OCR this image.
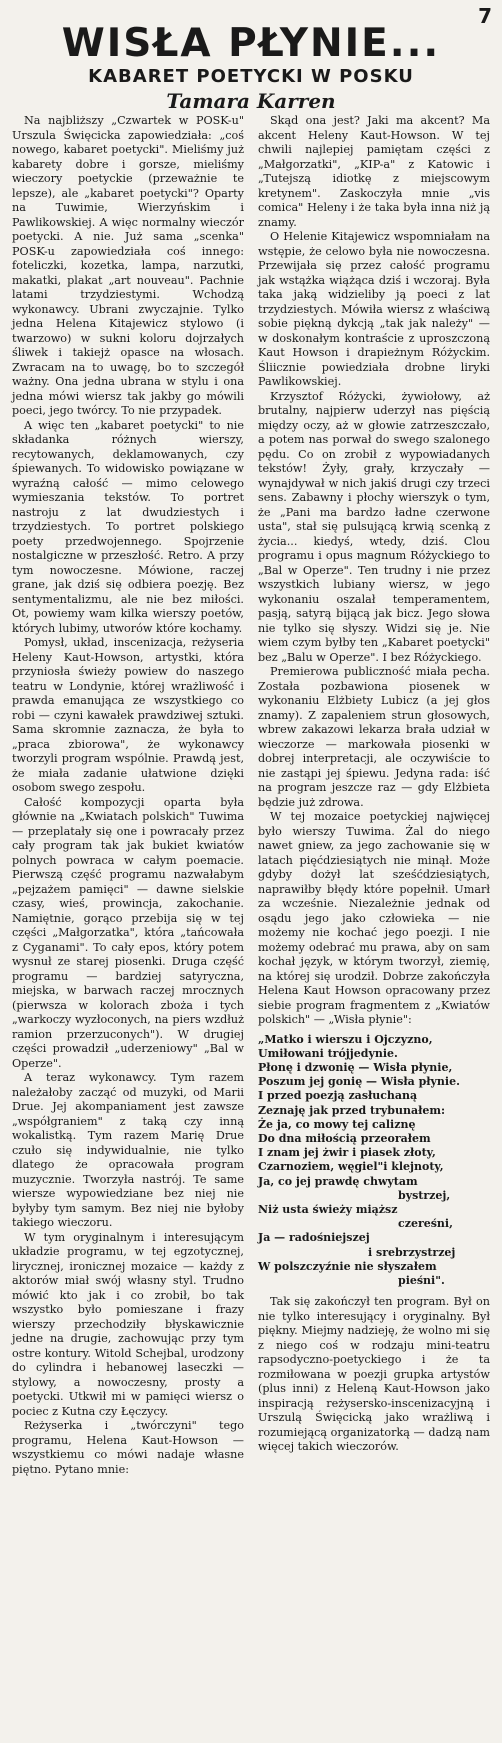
7
WISŁA PŁYNIE...
KABARET POETYCKI W POSKU
Tamara Karren

Na najbliższy „Czwartek w POSK-u" Urszula Święcicka zapowiedziała: „coś nowego, kabaret poetycki". Mieliśmy już kabarety dobre i gorsze, mieliśmy wieczory poetyckie (przeważnie te lepsze), ale „kabaret poetycki"? Oparty na Tuwimie, Wierzyńskim i Pawlikowskiej. A więc normalny wieczór poetycki. A nie. Już sama „scenka" POSK-u zapowiedziała coś innego: foteliczki, kozetka, lampa, narzutki, makatki, plakat „art nouveau". Pachnie latami trzydziestymi. Wchodzą wykonawcy. Ubrani zwyczajnie. Tylko jedna Helena Kitajewicz stylowo (i twarzowo) w sukni koloru dojrzałych śliwek i takiejż opasce na włosach. Zwracam na to uwagę, bo to szczegół ważny. Ona jedna ubrana w stylu i ona jedna mówi wiersz tak jakby go mówili poeci, jego twórcy. To nie przypadek.

A więc ten „kabaret poetycki" to nie składanka różnych wierszy, recytowanych, deklamowanych, czy śpiewanych. To widowisko powiązane w wyraźną całość — mimo celowego wymieszania tekstów. To portret nastroju z lat dwudziestych i trzydziestych. To portret polskiego poety przedwojennego. Spojrzenie nostalgiczne w przeszłość. Retro. A przy tym nowoczesne. Mówione, raczej grane, jak dziś się odbiera poezję. Bez sentymentalizmu, ale nie bez miłości. Ot, powiemy wam kilka wierszy poetów, których lubimy, utworów które kochamy.

Pomysł, układ, inscenizacja, reżyseria Heleny Kaut-Howson, artystki, która przyniosła świeży powiew do naszego teatru w Londynie, której wrażliwość i prawda emanująca ze wszystkiego co robi — czyni kawałek prawdziwej sztuki. Sama skromnie zaznacza, że była to „praca zbiorowa", że wykonawcy tworzyli program wspólnie. Prawdą jest, że miała zadanie ułatwione dzięki osobom swego zespołu.

Całość kompozycji oparta była głównie na „Kwiatach polskich" Tuwima — przeplatały się one i powracały przez cały program tak jak bukiet kwiatów polnych powraca w całym poemacie. Pierwszą część programu nazwałabym „pejzażem pamięci" — dawne sielskie czasy, wieś, prowincja, zakochanie. Namiętnie, gorąco przebija się w tej części „Małgorzatka", która „tańcowała z Cyganami". To cały epos, który potem wysnuł ze starej piosenki. Druga część programu — bardziej satyryczna, miejska, w barwach raczej mrocznych (pierwsza w kolorach zboża i tych „warkoczy wyzłoconych, na piers wzdłuż ramion przerzuconych"). W drugiej części prowadził „uderzeniowy" „Bal w Operze".

A teraz wykonawcy. Tym razem należałoby zacząć od muzyki, od Marii Drue. Jej akompaniament jest zawsze „współgraniem" z taką czy inną wokalistką. Tym razem Marię Drue czuło się indywidualnie, nie tylko dlatego że opracowała program muzycznie. Tworzyła nastrój. Te same wiersze wypowiedziane bez niej nie byłyby tym samym. Bez niej nie byłoby takiego wieczoru.

W tym oryginalnym i interesującym układzie programu, w tej egzotycznej, lirycznej, ironicznej mozaice — każdy z aktorów miał swój własny styl. Trudno mówić kto jak i co zrobił, bo tak wszystko było pomieszane i frazy wierszy przechodziły błyskawicznie jedne na drugie, zachowując przy tym ostre kontury. Witold Schejbal, urodzony do cylindra i hebanowej laseczki — stylowy, a nowoczesny, prosty a poetycki. Utkwił mi w pamięci wiersz o pociec z Kutna czy Łęczycy.

Reżyserka i „twórczyni" tego programu, Helena Kaut-Howson — wszystkiemu co mówi nadaje własne piętno. Pytano mnie:

Skąd ona jest? Jaki ma akcent? Ma akcent Heleny Kaut-Howson. W tej chwili najlepiej pamiętam części z „Małgorzatki", „KIP-a" z Katowic i „Tutejszą idiotkę z miejscowym kretynem". Zaskoczyła mnie „vis comica" Heleny i że taka była inna niż ją znamy.

O Helenie Kitajewicz wspomniałam na wstępie, że celowo była nie nowoczesna. Przewijała się przez całość programu jak wstążka wiążąca dziś i wczoraj. Była taka jaką widzieliby ją poeci z lat trzydziestych. Mówiła wiersz z właściwą sobie piękną dykcją „tak jak należy" — w doskonałym kontraście z uproszczoną Kaut Howson i drapieżnym Różyckim. Śliicznie powiedziała drobne liryki Pawlikowskiej.

Krzysztof Różycki, żywiołowy, aż brutalny, najpierw uderzył nas pięścią między oczy, aż w głowie zatrzeszczało, a potem nas porwał do swego szalonego pędu. Co on zrobił z wypowiadanych tekstów! Żyły, grały, krzyczały — wynajdywał w nich jakiś drugi czy trzeci sens. Zabawny i płochy wierszyk o tym, że „Pani ma bardzo ładne czerwone usta", stał się pulsującą krwią scenką z życia... kiedyś, wtedy, dziś. Clou programu i opus magnum Różyckiego to „Bal w Operze". Ten trudny i nie przez wszystkich lubiany wiersz, w jego wykonaniu oszalał temperamentem, pasją, satyrą bijącą jak bicz. Jego słowa nie tylko się słyszy. Widzi się je. Nie wiem czym byłby ten „Kabaret poetycki" bez „Balu w Operze". I bez Różyckiego.

Premierowa publiczność miała pecha. Została pozbawiona piosenek w wykonaniu Elżbiety Lubicz (a jej głos znamy). Z zapaleniem strun głosowych, wbrew zakazowi lekarza brała udział w wieczorze — markowała piosenki w dobrej interpretacji, ale oczywiście to nie zastąpi jej śpiewu. Jedyna rada: iść na program jeszcze raz — gdy Elżbieta będzie już zdrowa.

W tej mozaice poetyckiej najwięcej było wierszy Tuwima. Żal do niego nawet gniew, za jego zachowanie się w latach pięćdziesiątych nie minął. Może gdyby dożył lat sześćdziesiątych, naprawiłby błędy które popełnił. Umarł za wcześnie. Niezależnie jednak od osądu jego jako człowieka — nie możemy nie kochać jego poezji. I nie możemy odebrać mu prawa, aby on sam kochał język, w którym tworzył, ziemię, na której się urodził. Dobrze zakończyła Helena Kaut Howson opracowany przez siebie program fragmentem z „Kwiatów polskich" — „Wisła płynie":

„Matko i wierszu i Ojczyzno,
Umiłowani trójjedynie.
Płonę i dzwonię — Wisła płynie,
Poszum jej gonię — Wisła płynie.
I przed poezją zasłuchaną
Zeznaję jak przed trybunałem:
Że ja, co mowy tej caliznę
Do dna miłością przeorałem
I znam jej żwir i piasek złoty,
Czarnoziem, węgiel"i klejnoty,
Ja, co jej prawdę chwytam
bystrzej,
Niż usta świeży miąższ
czereśni,
Ja — radośniejszej
i srebrzystrzej
W polszczyźnie nie słyszałem
pieśni".

Tak się zakończył ten program. Był on nie tylko interesujący i oryginalny. Był piękny. Miejmy nadzieję, że wolno mi się z niego coś w rodzaju mini-teatru rapsodyczno-poetyckiego i że ta rozmiłowana w poezji grupka artystów (plus inni) z Heleną Kaut-Howson jako inspiracją reżysersko-inscenizacyjną i Urszulą Święcicką jako wrażliwą i rozumiejącą organizatorką — dadzą nam więcej takich wieczorów.
